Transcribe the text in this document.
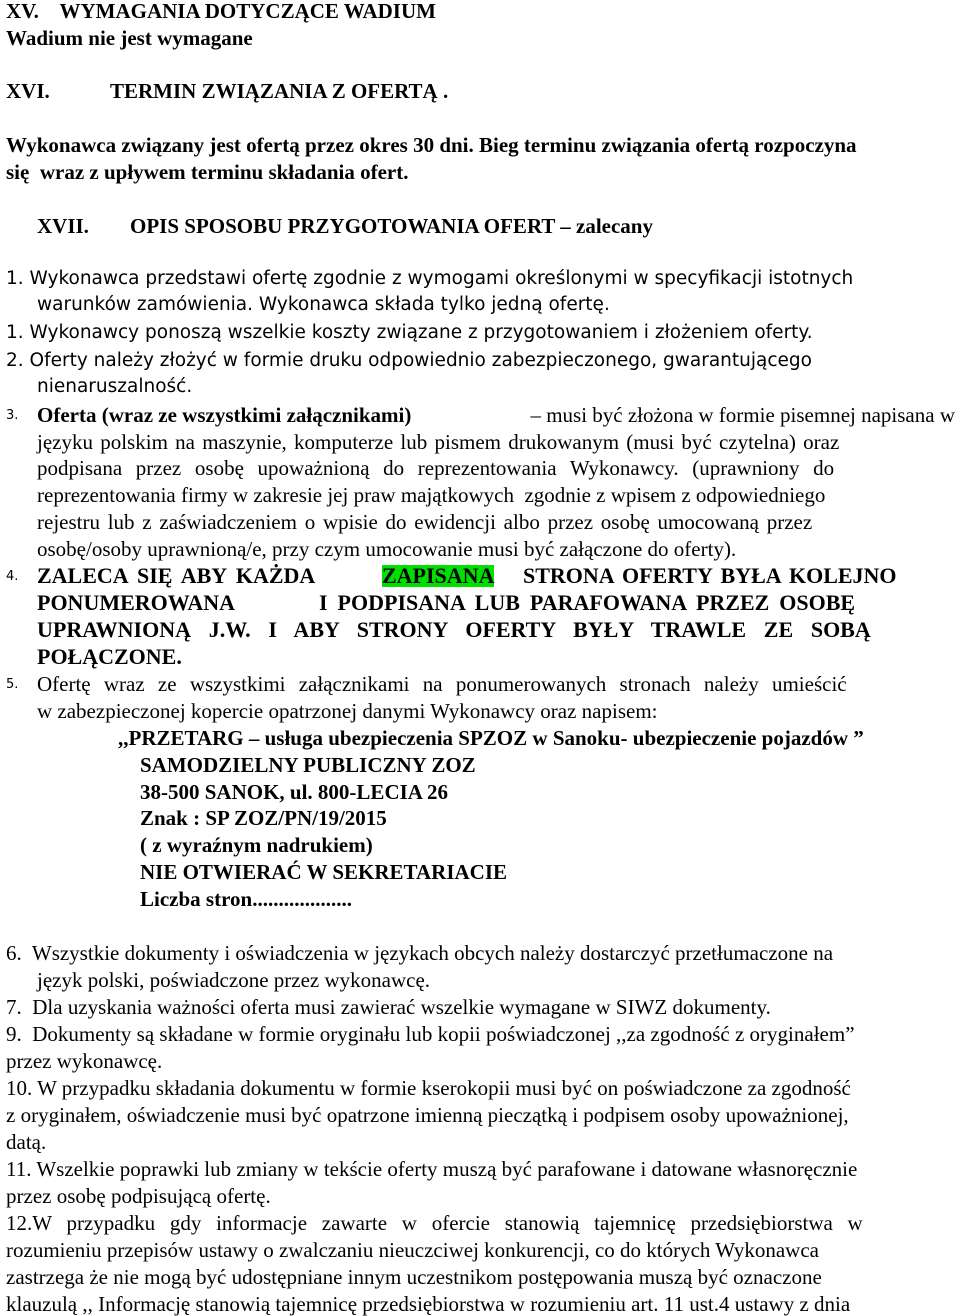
XV.    WYMAGANIA DOTYCZĄCE WADIUM
Wadium nie jest wymagane
XVI.	TERMIN ZWIĄZANIA Z OFERTĄ .
Wykonawca związany jest ofertą przez okres 30 dni. Bieg terminu związania ofertą rozpoczyna
się  wraz z upływem terminu składania ofert.
XVII. OPIS SPOSOBU PRZYGOTOWANIA OFERT – zalecany
1. Wykonawca przedstawi ofertę zgodnie z wymogami określonymi w specyfikacji istotnych
warunków zamówienia. Wykonawca składa tylko jedną ofertę.
1. Wykonawcy ponoszą wszelkie koszty związane z przygotowaniem i złożeniem oferty.
2. Oferty należy złożyć w formie druku odpowiednio zabezpieczonego, gwarantującego
nienaruszalność.
3. Oferta (wraz ze wszystkimi załącznikami)	– musi być złożona w formie pisemnej napisana w
języku polskim na maszynie, komputerze lub pismem drukowanym (musi być czytelna) oraz
podpisana przez osobę upoważnioną do reprezentowania Wykonawcy. (uprawniony do
reprezentowania firmy w zakresie jej praw majątkowych  zgodnie z wpisem z odpowiedniego
rejestru lub z zaświadczeniem o wpisie do ewidencji albo przez osobę umocowaną przez
osobę/osoby uprawnioną/e, przy czym umocowanie musi być załączone do oferty).
4. ZALECA SIĘ ABY KAŻDA	ZAPISANA STRONA OFERTY BYŁA KOLEJNO
PONUMEROWANA	I PODPISANA LUB PARAFOWANA PRZEZ OSOBĘ
UPRAWNIONĄ J.W. I ABY STRONY OFERTY BYŁY TRAWLE ZE SOBĄ
POŁĄCZONE.
5. Ofertę wraz ze wszystkimi załącznikami na ponumerowanych stronach należy umieścić
w zabezpieczonej kopercie opatrzonej danymi Wykonawcy oraz napisem:
,,PRZETARG – usługa ubezpieczenia SPZOZ w Sanoku- ubezpieczenie pojazdów ”
SAMODZIELNY PUBLICZNY ZOZ
38-500 SANOK, ul. 800-LECIA 26
Znak : SP ZOZ/PN/19/2015
( z wyraźnym nadrukiem)
NIE OTWIERAĆ W SEKRETARIACIE
Liczba stron...................
6.  Wszystkie dokumenty i oświadczenia w językach obcych należy dostarczyć przetłumaczone na
język polski, poświadczone przez wykonawcę.
7.  Dla uzyskania ważności oferta musi zawierać wszelkie wymagane w SIWZ dokumenty.
9.  Dokumenty są składane w formie oryginału lub kopii poświadczonej ,,za zgodność z oryginałem”
przez wykonawcę.
10. W przypadku składania dokumentu w formie kserokopii musi być on poświadczone za zgodność
z oryginałem, oświadczenie musi być opatrzone imienną pieczątką i podpisem osoby upoważnionej,
datą.
11. Wszelkie poprawki lub zmiany w tekście oferty muszą być parafowane i datowane własnoręcznie
przez osobę podpisującą ofertę.
12.W przypadku gdy informacje zawarte w ofercie stanowią tajemnicę przedsiębiorstwa w
rozumieniu przepisów ustawy o zwalczaniu nieuczciwej konkurencji, co do których Wykonawca
zastrzega że nie mogą być udostępniane innym uczestnikom postępowania muszą być oznaczone
klauzulą ,, Informację stanowią tajemnicę przedsiębiorstwa w rozumieniu art. 11 ust.4 ustawy z dnia
